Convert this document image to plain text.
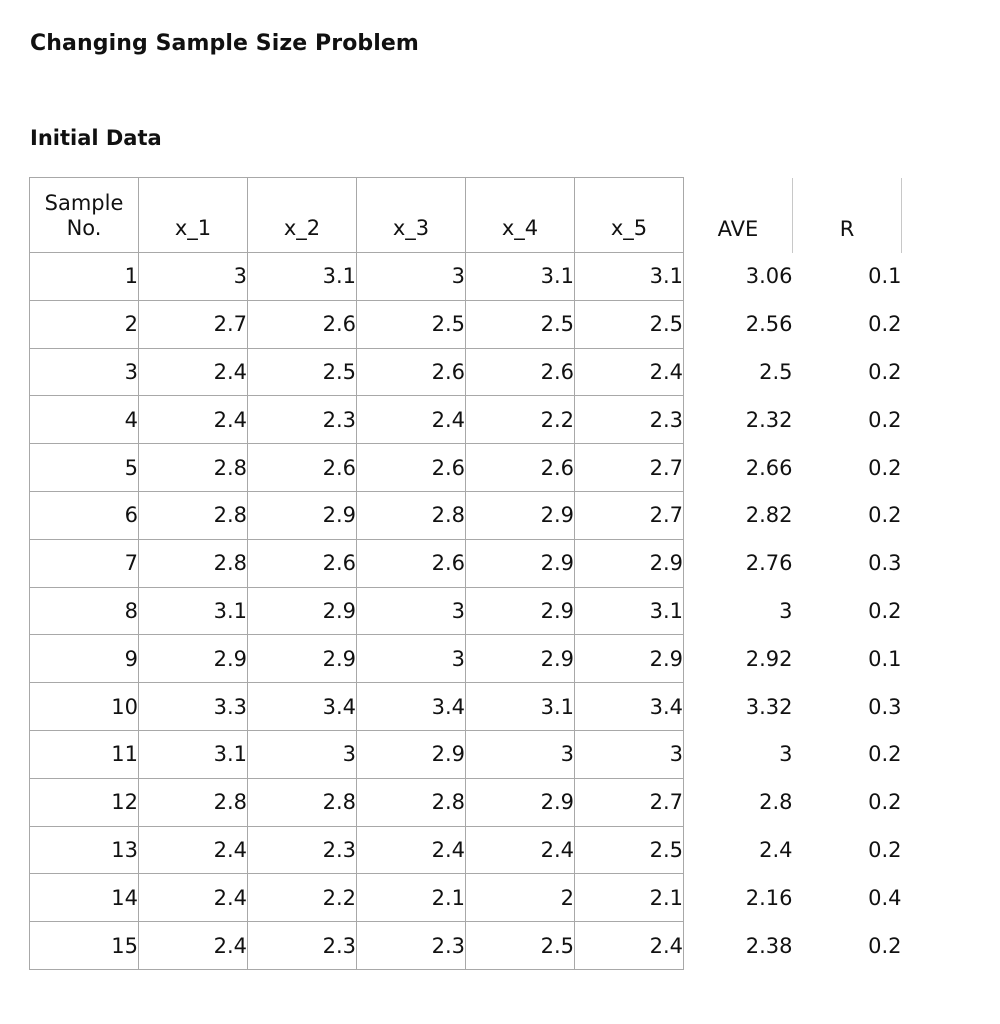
Changing Sample Size Problem
Initial Data
Sample
No.	x_1	x_2	x_3	x_4	x_5	AVE	R
1	3	3.1	3	3.1	3.1	3.06	0.1
2	2.7	2.6	2.5	2.5	2.5	2.56	0.2
3	2.4	2.5	2.6	2.6	2.4	2.5	0.2
4	2.4	2.3	2.4	2.2	2.3	2.32	0.2
5	2.8	2.6	2.6	2.6	2.7	2.66	0.2
6	2.8	2.9	2.8	2.9	2.7	2.82	0.2
7	2.8	2.6	2.6	2.9	2.9	2.76	0.3
8	3.1	2.9	3	2.9	3.1	3	0.2
9	2.9	2.9	3	2.9	2.9	2.92	0.1
10	3.3	3.4	3.4	3.1	3.4	3.32	0.3
11	3.1	3	2.9	3	3	3	0.2
12	2.8	2.8	2.8	2.9	2.7	2.8	0.2
13	2.4	2.3	2.4	2.4	2.5	2.4	0.2
14	2.4	2.2	2.1	2	2.1	2.16	0.4
15	2.4	2.3	2.3	2.5	2.4	2.38	0.2
